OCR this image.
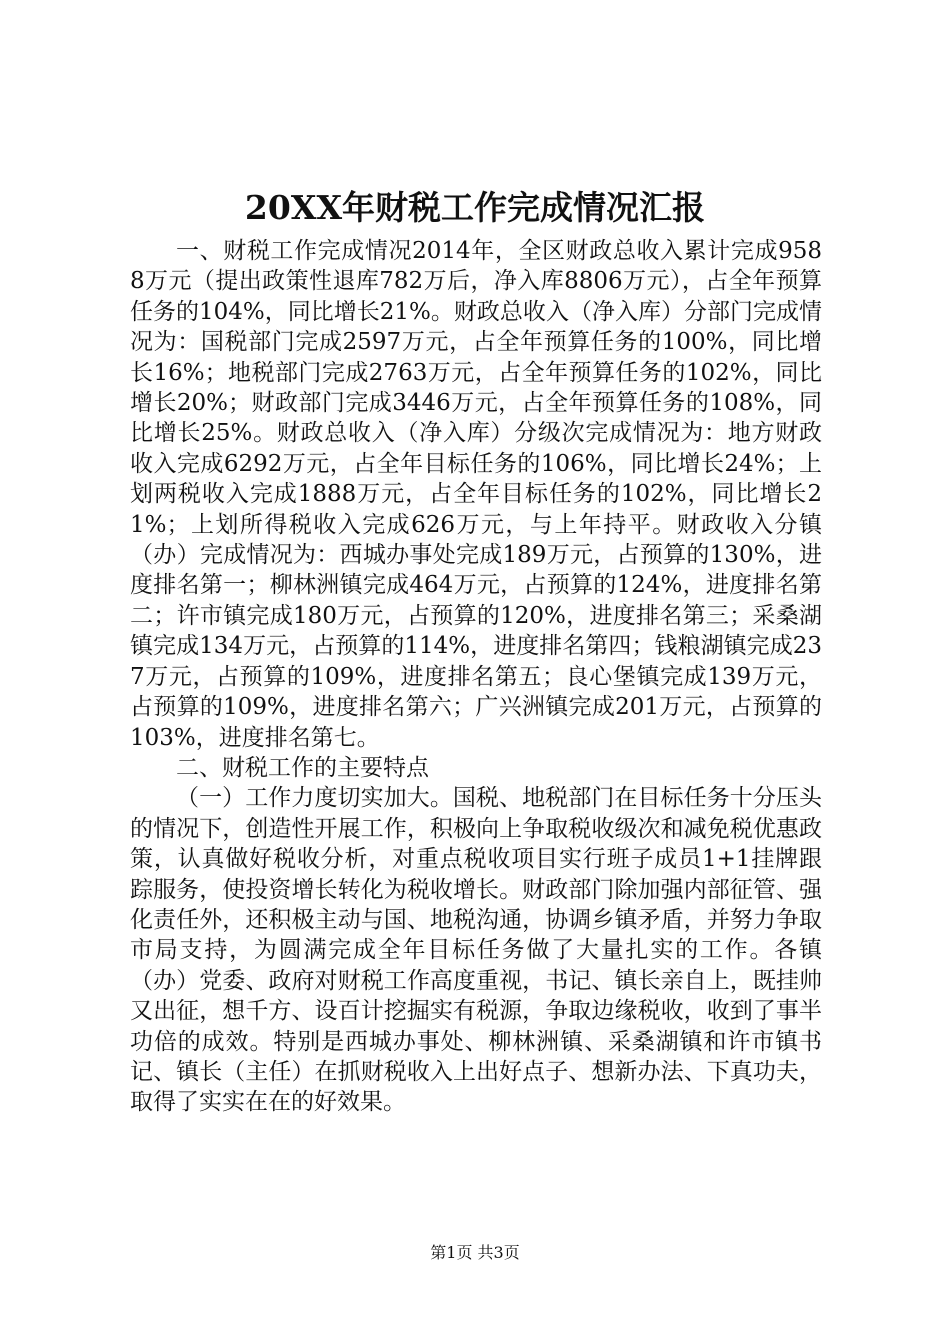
20XX年财税工作完成情况汇报

一、财税工作完成情况2014年，全区财政总收入累计完成9588万元（提出政策性退库782万后，净入库8806万元），占全年预算任务的104%，同比增长21%。财政总收入（净入库）分部门完成情况为：国税部门完成2597万元，占全年预算任务的100%，同比增长16%；地税部门完成2763万元，占全年预算任务的102%，同比增长20%；财政部门完成3446万元，占全年预算任务的108%，同比增长25%。财政总收入（净入库）分级次完成情况为：地方财政收入完成6292万元，占全年目标任务的106%，同比增长24%；上划两税收入完成1888万元，占全年目标任务的102%，同比增长21%；上划所得税收入完成626万元，与上年持平。财政收入分镇（办）完成情况为：西城办事处完成189万元，占预算的130%，进度排名第一；柳林洲镇完成464万元，占预算的124%，进度排名第二；许市镇完成180万元，占预算的120%，进度排名第三；采桑湖镇完成134万元，占预算的114%，进度排名第四；钱粮湖镇完成237万元，占预算的109%，进度排名第五；良心堡镇完成139万元，占预算的109%，进度排名第六；广兴洲镇完成201万元，占预算的103%，进度排名第七。

二、财税工作的主要特点

（一）工作力度切实加大。国税、地税部门在目标任务十分压头的情况下，创造性开展工作，积极向上争取税收级次和减免税优惠政策，认真做好税收分析，对重点税收项目实行班子成员1+1挂牌跟踪服务，使投资增长转化为税收增长。财政部门除加强内部征管、强化责任外，还积极主动与国、地税沟通，协调乡镇矛盾，并努力争取市局支持，为圆满完成全年目标任务做了大量扎实的工作。各镇（办）党委、政府对财税工作高度重视，书记、镇长亲自上，既挂帅又出征，想千方、设百计挖掘实有税源，争取边缘税收，收到了事半功倍的成效。特别是西城办事处、柳林洲镇、采桑湖镇和许市镇书记、镇长（主任）在抓财税收入上出好点子、想新办法、下真功夫，取得了实实在在的好效果。

第1页 共3页
